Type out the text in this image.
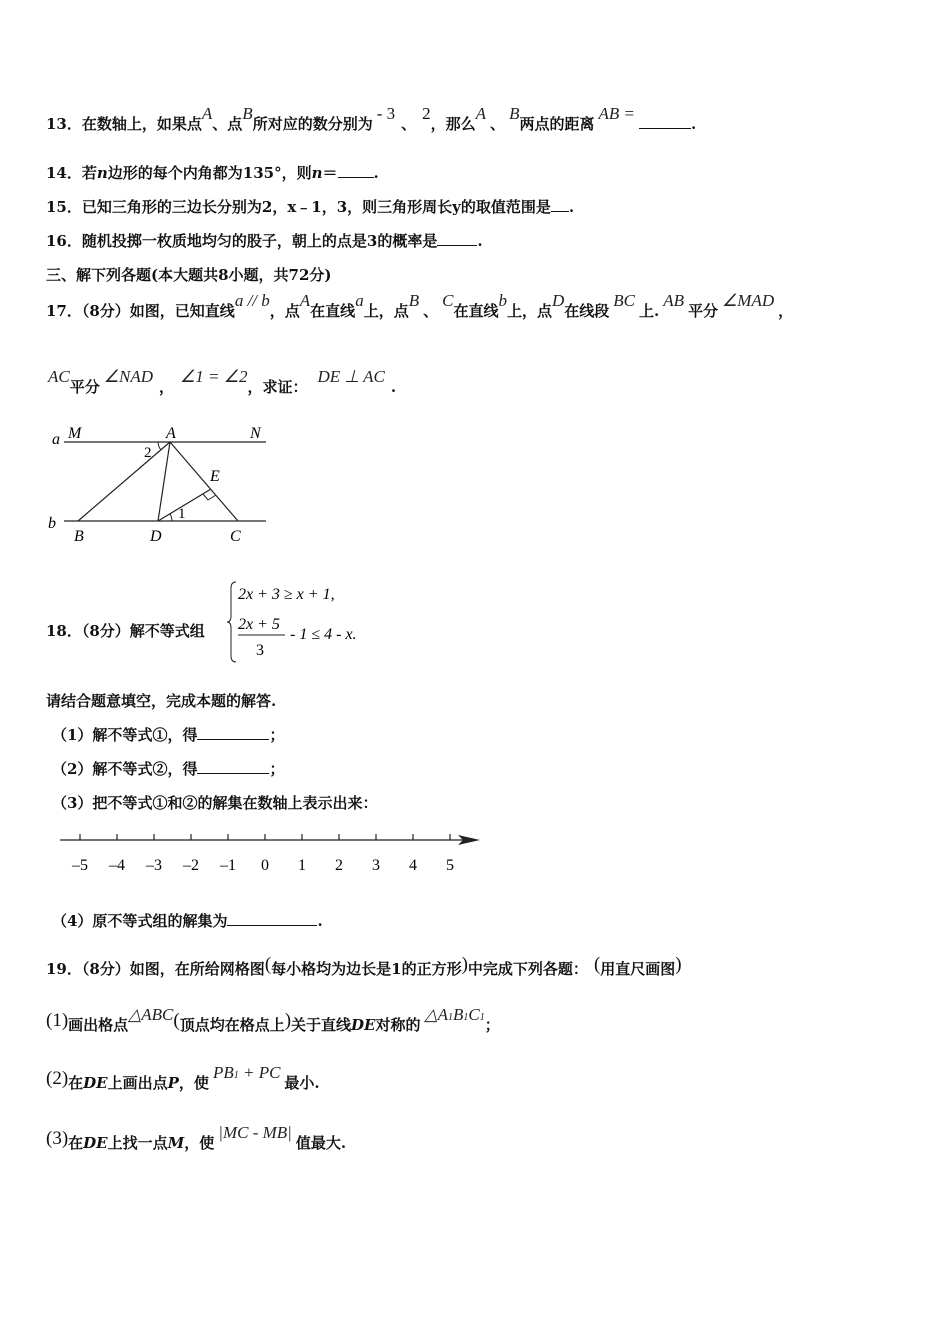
13．在数轴上，如果点A、点B所对应的数分别为- 3、2，那么A、B两点的距离AB =.
14．若n边形的每个内角都为135°，则n＝ .
15．已知三角形的三边长分别为2，x﹣1，3，则三角形周长y的取值范围是 .
16．随机投掷一枚质地均匀的股子，朝上的点是3的概率是	.
三、解下列各题(本大题共8小题，共72分)
17．（8分）如图，已知直线a // b，点A在直线a上，点B、C在直线b上，点D在线段BC上.AB平分∠MAD，
AC平分∠NAD，∠1 = ∠2，求证：DE ⊥ AC.
a M	A	N
2
E
1
b
B	D	C
18．（8分）解不等式组
2x + 3 ≥ x + 1,
2x + 5
3
- 1 ≤ 4 - x.
请结合题意填空，完成本题的解答.
（1）解不等式①，得	；
（2）解不等式②，得	；
（3）把不等式①和②的解集在数轴上表示出来：
–5 –4 –3 –2 –1 0 1 2 3 4 5
（4）原不等式组的解集为	.
19．（8分）如图，在所给网格图(每小格均为边长是1的正方形)中完成下列各题： (用直尺画图)
(1)画出格点△ABC(顶点均在格点上)关于直线DE对称的△A1B1C1；
(2)在DE上画出点P，使PB1 + PC最小.
(3)在DE上找一点M，使|MC - MB|值最大.
